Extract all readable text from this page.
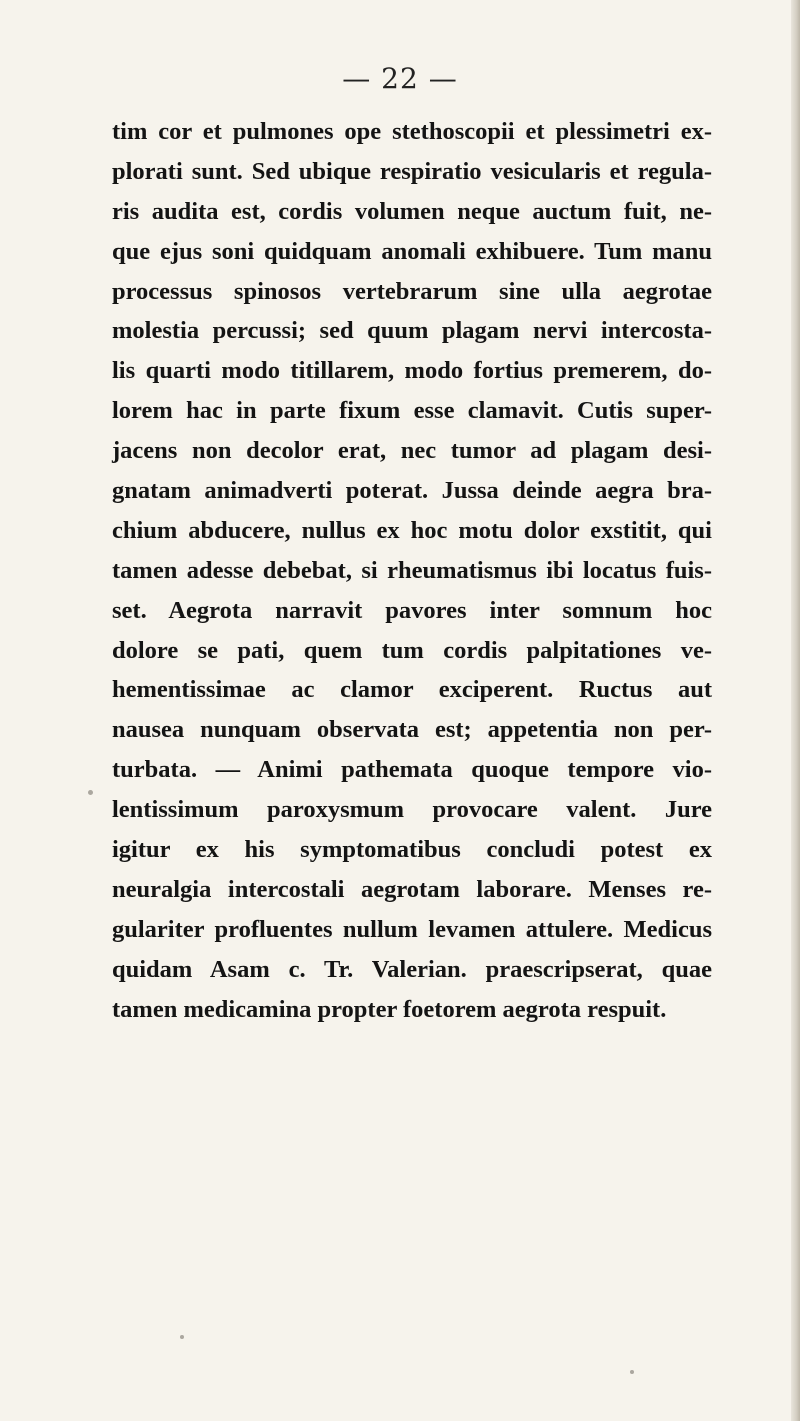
— 22 —
tim cor et pulmones ope stethoscopii et plessimetri ex-
plorati sunt. Sed ubique respiratio vesicularis et regula-
ris audita est, cordis volumen neque auctum fuit, ne-
que ejus soni quidquam anomali exhibuere. Tum manu
processus spinosos vertebrarum sine ulla aegrotae
molestia percussi; sed quum plagam nervi intercosta-
lis quarti modo titillarem, modo fortius premerem, do-
lorem hac in parte fixum esse clamavit. Cutis super-
jacens non decolor erat, nec tumor ad plagam desi-
gnatam animadverti poterat. Jussa deinde aegra bra-
chium abducere, nullus ex hoc motu dolor exstitit, qui
tamen adesse debebat, si rheumatismus ibi locatus fuis-
set. Aegrota narravit pavores inter somnum hoc
dolore se pati, quem tum cordis palpitationes ve-
hementissimae ac clamor exciperent. Ructus aut
nausea nunquam observata est; appetentia non per-
turbata. — Animi pathemata quoque tempore vio-
lentissimum paroxysmum provocare valent. Jure
igitur ex his symptomatibus concludi potest ex
neuralgia intercostali aegrotam laborare. Menses re-
gulariter profluentes nullum levamen attulere. Medicus
quidam Asam c. Tr. Valerian. praescripserat, quae
tamen medicamina propter foetorem aegrota respuit.
